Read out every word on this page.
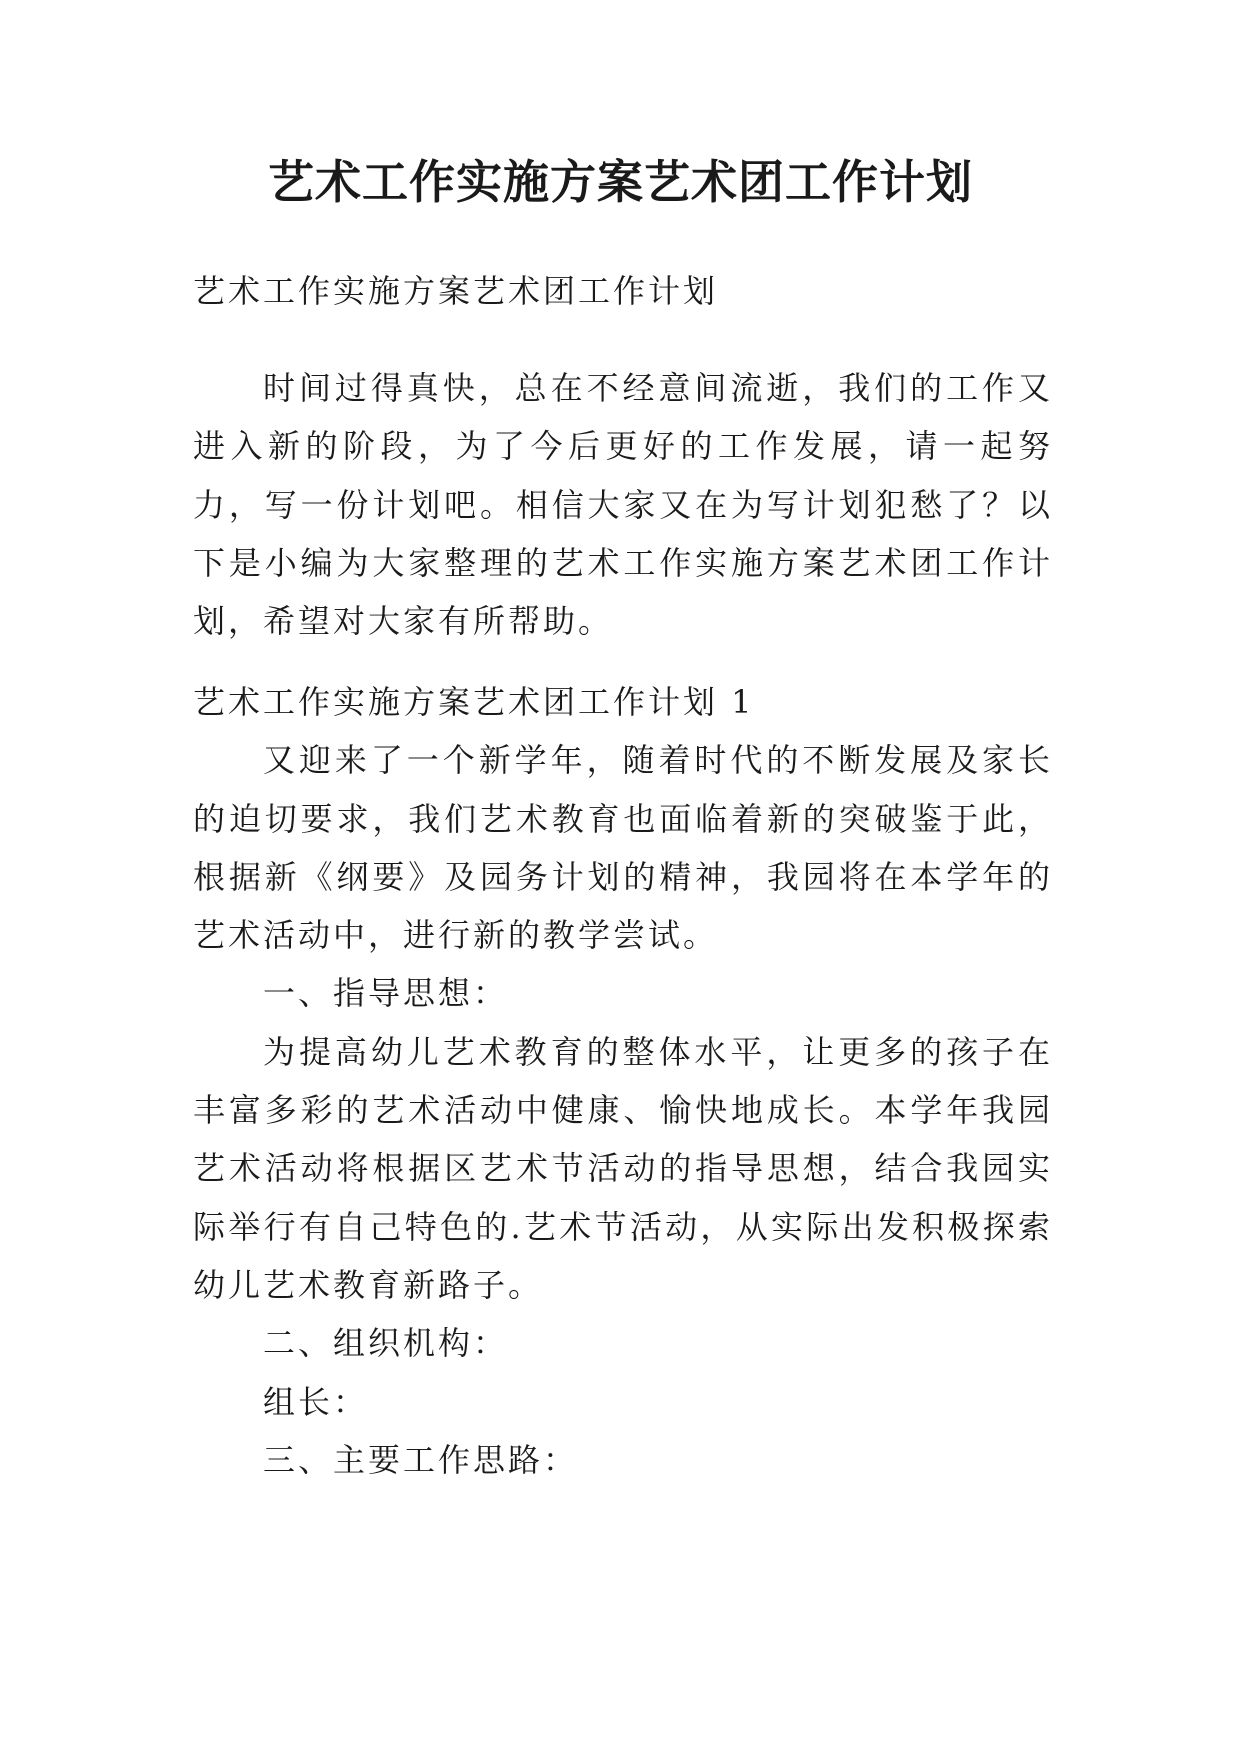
艺术工作实施方案艺术团工作计划

艺术工作实施方案艺术团工作计划

时间过得真快，总在不经意间流逝，我们的工作又进入新的阶段，为了今后更好的工作发展，请一起努力，写一份计划吧。相信大家又在为写计划犯愁了？以下是小编为大家整理的艺术工作实施方案艺术团工作计划，希望对大家有所帮助。

艺术工作实施方案艺术团工作计划 1

又迎来了一个新学年，随着时代的不断发展及家长的迫切要求，我们艺术教育也面临着新的突破鉴于此，根据新《纲要》及园务计划的精神，我园将在本学年的艺术活动中，进行新的教学尝试。

一、指导思想：

为提高幼儿艺术教育的整体水平，让更多的孩子在丰富多彩的艺术活动中健康、愉快地成长。本学年我园艺术活动将根据区艺术节活动的指导思想，结合我园实际举行有自己特色的.艺术节活动，从实际出发积极探索幼儿艺术教育新路子。

二、组织机构：

组长：

三、主要工作思路：
